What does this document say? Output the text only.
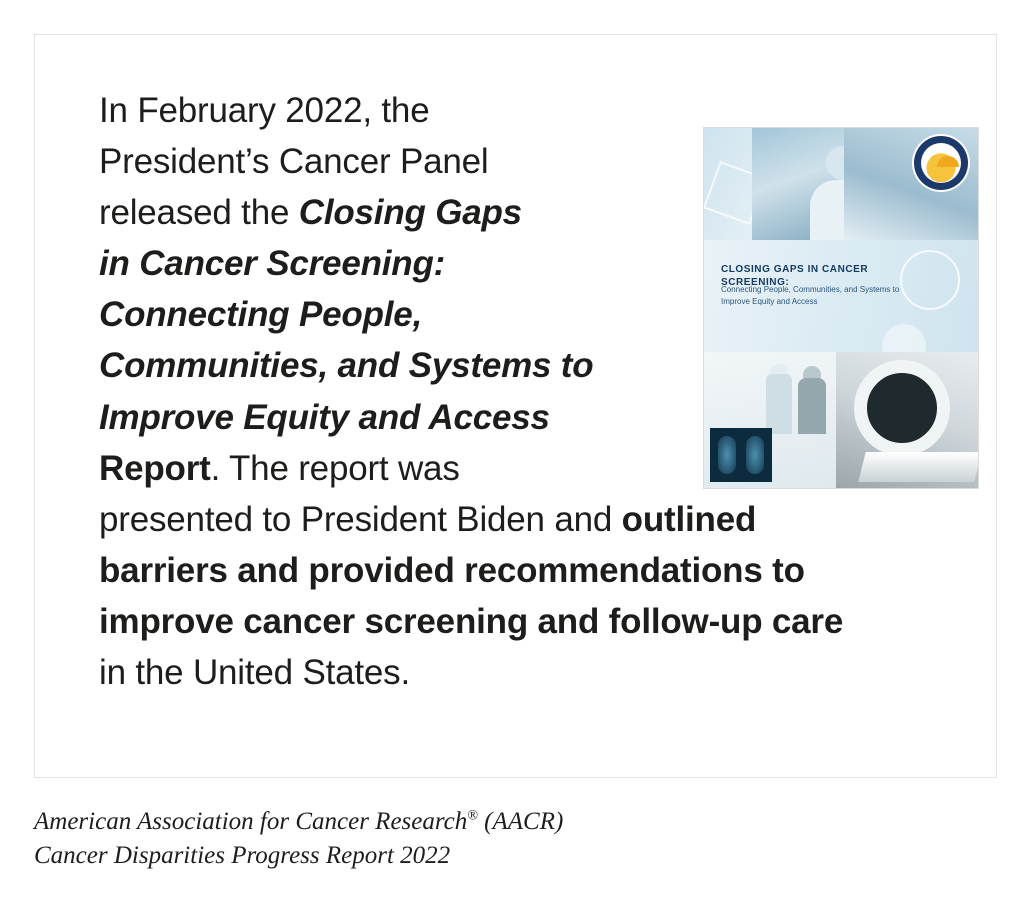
In February 2022, the
President’s Cancer Panel
released the Closing Gaps
in Cancer Screening:
Connecting People,
Communities, and Systems to
Improve Equity and Access
Report. The report was
presented to President Biden and outlined
barriers and provided recommendations to
improve cancer screening and follow-up care
in the United States.
CLOSING GAPS IN CANCER SCREENING:
Connecting People, Communities, and Systems to Improve Equity and Access
American Association for Cancer Research® (AACR)
Cancer Disparities Progress Report 2022
